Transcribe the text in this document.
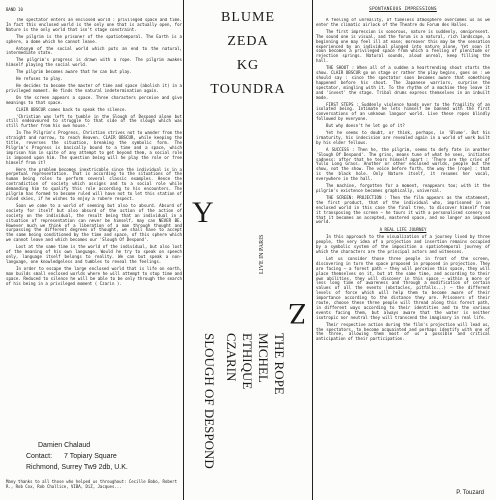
BAND 10

The spectator enters an enclosed world : privileged space and time. In fact this enclosed world is the only one that is actually open, for Nature is the only world that isn't stage constraint.

The pilgrim is the prisoner of the spatiotemporal. The Earth is a sphere, a dome which he cannot leave.

Antonym of the social world which puts an end to the natural, intermediate state.

The pilgrim's progress is drawn with a rope. The pilgrim awakes himself playing the social world.

The pilgrim becomes aware that he can but play.

He refuses to play.

He decides to become the master of time and space (abolish it) in a privileged moment. He finds the natural indetermination again.

On the screen appears a space. Three characters perceive and give meanings to that space.

CLAIR OBSCUR comes back to speak the silence.

'Christian was left to tumble in the Slough of Despond alone but still endeavoured to struggle to that side of the slough which was still further from his own house.'

In The Pilgrim's Progress, Christian strives not to wander from the straight and narrow, to reach Heaven. CLAIR OBSCUR, while keeping the title, reverses the situation, breaking the symbolic form. The Pilgrim's Progress is basically bound to a time and a space, which imprison him in spite of any attempt to get beyond them, a social role is imposed upon him. The question being will he play the role or free himself from it?

Here the problem becomes inextricable since the individual is in a perpetual representation. That is according to the situations of the human being roles to perform several classic examples. Hence the contradiction of society which assigns and to a social role while demanding him to qualify this role according to his encounters. The pilgrim has formed to become ruled will have not to let this station of ruled skies, if he wishes to enjoy a rubere respect.

Soon we come to a world of seeming but also to absurd. Absurd of society for itself but also absurd of the action of the action of society on the individual, the result being that an individual in a situation of representation can never be himself, may can NEVER BE. However much we think of a liberation of a man through thought and surpassing the different degrees of thought, we shall have to accept the same being conditioned by the time and space, of this sphere which we cannot leave and which becomes our 'Slough Of Despond'.

Lost at the same time is the world of the individual, but also lost of the meaning of his own language. Would he try to speak on speech only, language itself belongs to reality. We can but speak a non-language, one knowledgeless and tumbles to reveal the feelings.

In order to escape the large enclosed world that is life on earth, man builds small enclosed worlds where he will attempt to stop time and space. Reduced to silence he will be able to be only through the search of his being in a privileged moment ( Czarin ).

Damien Chalaud
Contact:	7 Topiary Square
Richmond, Surrey Tw9 2db, U.K.
Many thanks to all those who helped us throughout: Cecille Bobo, Robert R., Rob Cox, Rob Challice, VIBA, DiZ, Jacques...
BLUME
ZEDA
KG
TOUNDRA
Y
LIVE IN PARIS
Z
THE ROPE
MICHEL
ETHIQUE
CZARIN
SLOUGH OF DESPOND
SPONTANEOUS IMPRESSIONS

A feeling of unreality, of timeless atmosphere overcomes us as we enter the climatic airlock of the Theatre du Forum des Halles.

The first impression is sonorous, nature is suddenly, omnipresent. The sound one is visual, and the forum is a natural, rich landscape, a beginning one may feel ill at ease; moreover this may be the sensation experienced by an individual plunged into nature alone. Yet soon it soon becomes a privileged space from which a feeling of plenitude or rejection springs. Natural sounds, aloud unreal, keep filling the hall.

THE SHOUT : When all of a sudden a heartrending shout starts the show. CLAIR OBSCUR go on stage or rather the play begins, goes on : we should say : since the spectator soon becomes aware that something happened before his shout. The Japanese warriors, surprise the spectator, mingling with it. To the rhythm of a machine they leave it and 'invest' the stage. Tribal drums express themselves in an inbuilt mode.

FIRST STEPS : Suddenly violence hands over to the fragility of an isolated being. Intimate he lets himself be banned with the first conversations of an unknown languor world. Live these ropes blindly followed by everyone.

But why doesn't he let go of it?

Yet he seems to doubt, or think, perhaps, in 'Blume'. But his irmaturity, his indecision are revealed again in a world of work built by his elder fellows.

A SUCCESS : Then he, the pilgrim, seems to defy fate in another 'Slough Of Despond'. The grins, means tune of what he sees, initiates sadness: after that he tears himself apart : 'There are the cries of Yullo Long Grass. Another or other enclosed worlds, people but the show, not the show. The voice before forth, the way the [rope] : that is the black hole. Only Nature itself, it resumes her vocal, everywhere in the hall.

The machine, forgotten for a moment, reappears too; with it the pilgrim's existence becomes graphically, universal.

THE SCREEN: PROJECTION : Then the film appears as the statement, the first product, that of the individual who, imprisoned in an enclosed world in this case the final tree, to discover himself from it transposing the screen — he tours it with a personalised scenery so that it becomes an accepted, mastered space, and no longer an imposed world.

A REAL LIFE JOURNEY

In this approach to the visualization of a journey lived by three people, the very idea of a projection and insertion remains occupied by a symbolic system of the imposition a spatiotemporal journey of which the characters are the principal actors and witnesses.

Let us consider those three people in front of the screen, discovering in turn the space proposed in proposed in projection. They are facing — a forest path — they will perceive this space, they will place themselves on it, but at the same time, and according to their own abilities, they will discover in this space — within a more or less long time of awareness and through a modification of certain values of all the events (obstacles, pitfalls...) — the different levels of force which will help them to become aware of their importance according to the distance they are. Prisoners of their route, choose these three people will thread along this forest path, in different ways according to their identities and to the various events facing them, but always aware that the water is neither isotropic nor neutral they will transcend the imaginary in real life.

Their respective action during the film's projection will lead us, the spectators, to become acquainted and perhaps identify with one of the three, allowing them most of us a possible and critical anticipation of their participation.

P. Touzard
